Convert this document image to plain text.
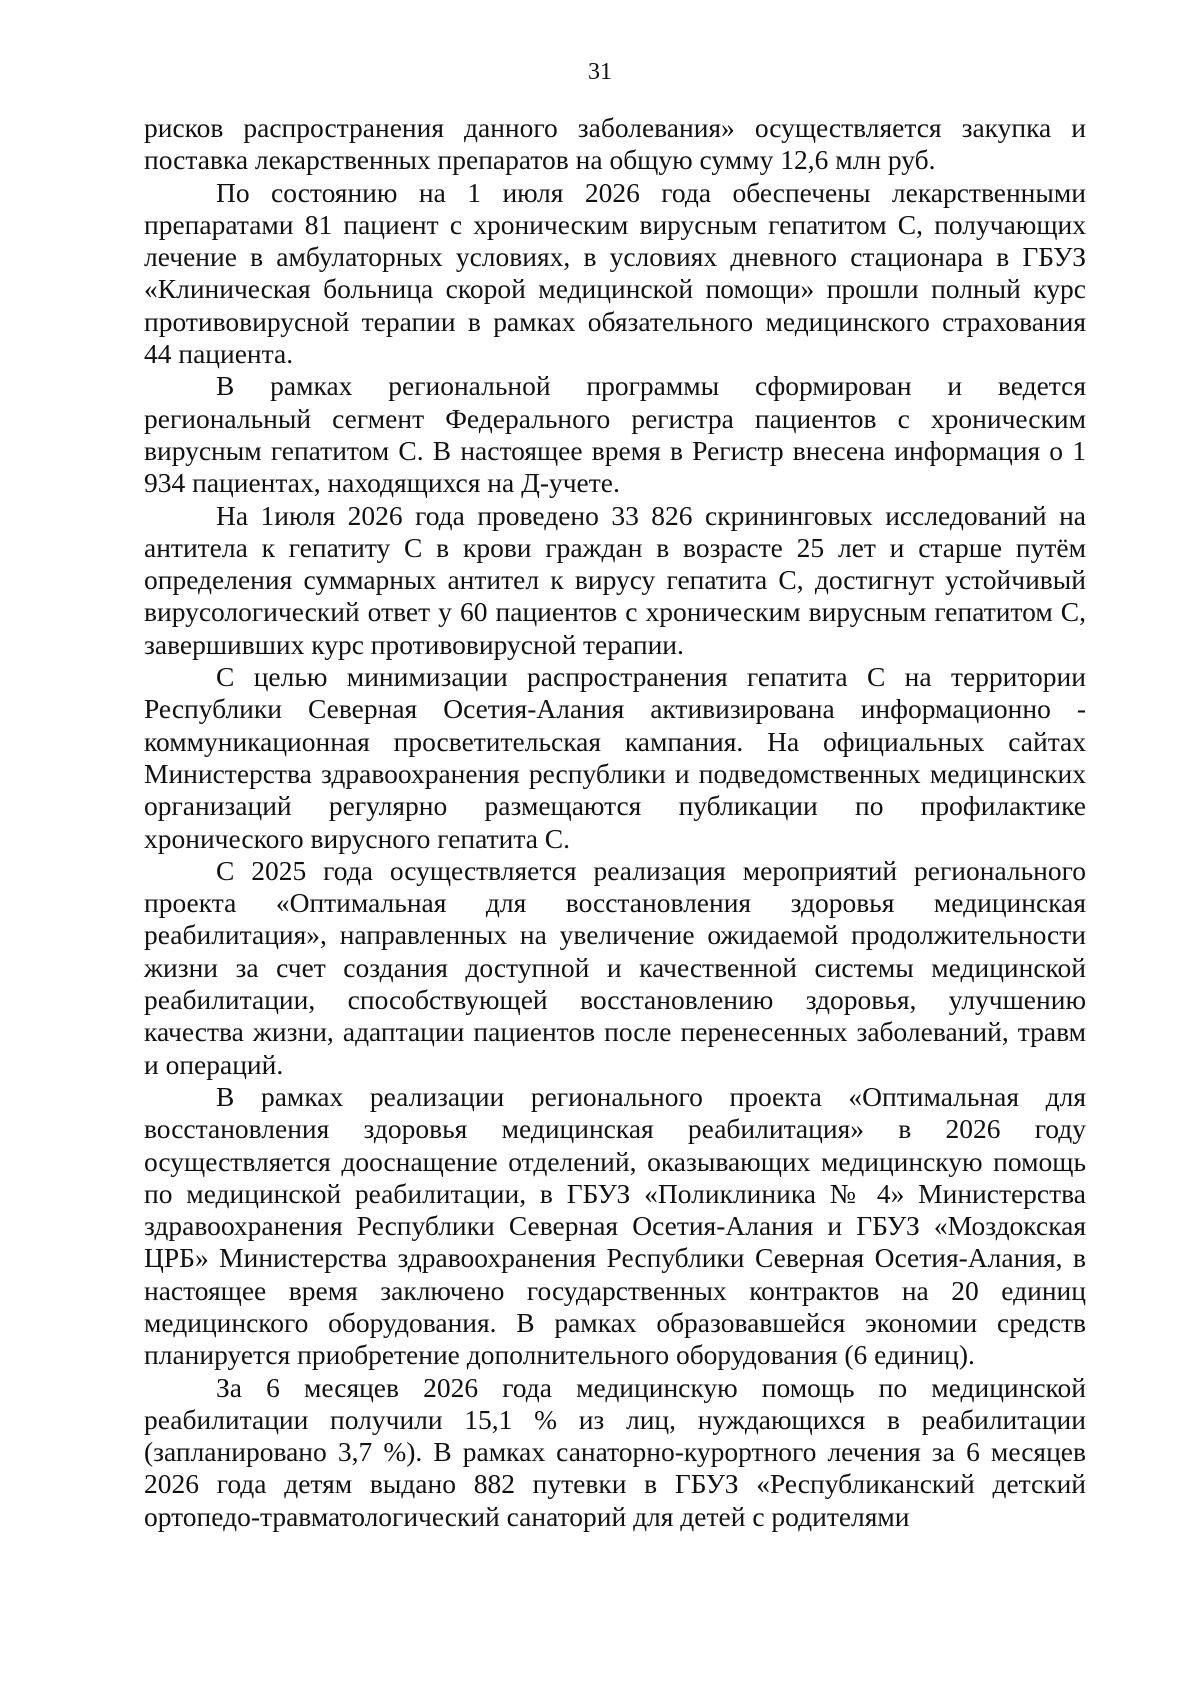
31

рисков распространения данного заболевания» осуществляется закупка и поставка лекарственных препаратов на общую сумму 12,6 млн руб.

По состоянию на 1 июля 2026 года обеспечены лекарственными препаратами 81 пациент с хроническим вирусным гепатитом С, получающих лечение в амбулаторных условиях, в условиях дневного стационара в ГБУЗ «Клиническая больница скорой медицинской помощи» прошли полный курс противовирусной терапии в рамках обязательного медицинского страхования 44 пациента.

В рамках региональной программы сформирован и ведется региональный сегмент Федерального регистра пациентов с хроническим вирусным гепатитом С. В настоящее время в Регистр внесена информация о 1 934 пациентах, находящихся на Д-учете.

На 1июля 2026 года проведено 33 826 скрининговых исследований на антитела к гепатиту С в крови граждан в возрасте 25 лет и старше путём определения суммарных антител к вирусу гепатита С, достигнут устойчивый вирусологический ответ у 60 пациентов с хроническим вирусным гепатитом С, завершивших курс противовирусной терапии.

С целью минимизации распространения гепатита С на территории Республики Северная Осетия-Алания активизирована информационно - коммуникационная просветительская кампания. На официальных сайтах Министерства здравоохранения республики и подведомственных медицинских организаций регулярно размещаются публикации по профилактике хронического вирусного гепатита С.

С 2025 года осуществляется реализация мероприятий регионального проекта «Оптимальная для восстановления здоровья медицинская реабилитация», направленных на увеличение ожидаемой продолжительности жизни за счет создания доступной и качественной системы медицинской реабилитации, способствующей восстановлению здоровья, улучшению качества жизни, адаптации пациентов после перенесенных заболеваний, травм и операций.

В рамках реализации регионального проекта «Оптимальная для восстановления здоровья медицинская реабилитация» в 2026 году осуществляется дооснащение отделений, оказывающих медицинскую помощь по медицинской реабилитации, в ГБУЗ «Поликлиника № 4» Министерства здравоохранения Республики Северная Осетия-Алания и ГБУЗ «Моздокская ЦРБ» Министерства здравоохранения Республики Северная Осетия-Алания, в настоящее время заключено государственных контрактов на 20 единиц медицинского оборудования. В рамках образовавшейся экономии средств планируется приобретение дополнительного оборудования (6 единиц).

За 6 месяцев 2026 года медицинскую помощь по медицинской реабилитации получили 15,1 % из лиц, нуждающихся в реабилитации (запланировано 3,7 %). В рамках санаторно-курортного лечения за 6 месяцев 2026 года детям выдано 882 путевки в ГБУЗ «Республиканский детский ортопедо-травматологический санаторий для детей с родителями
